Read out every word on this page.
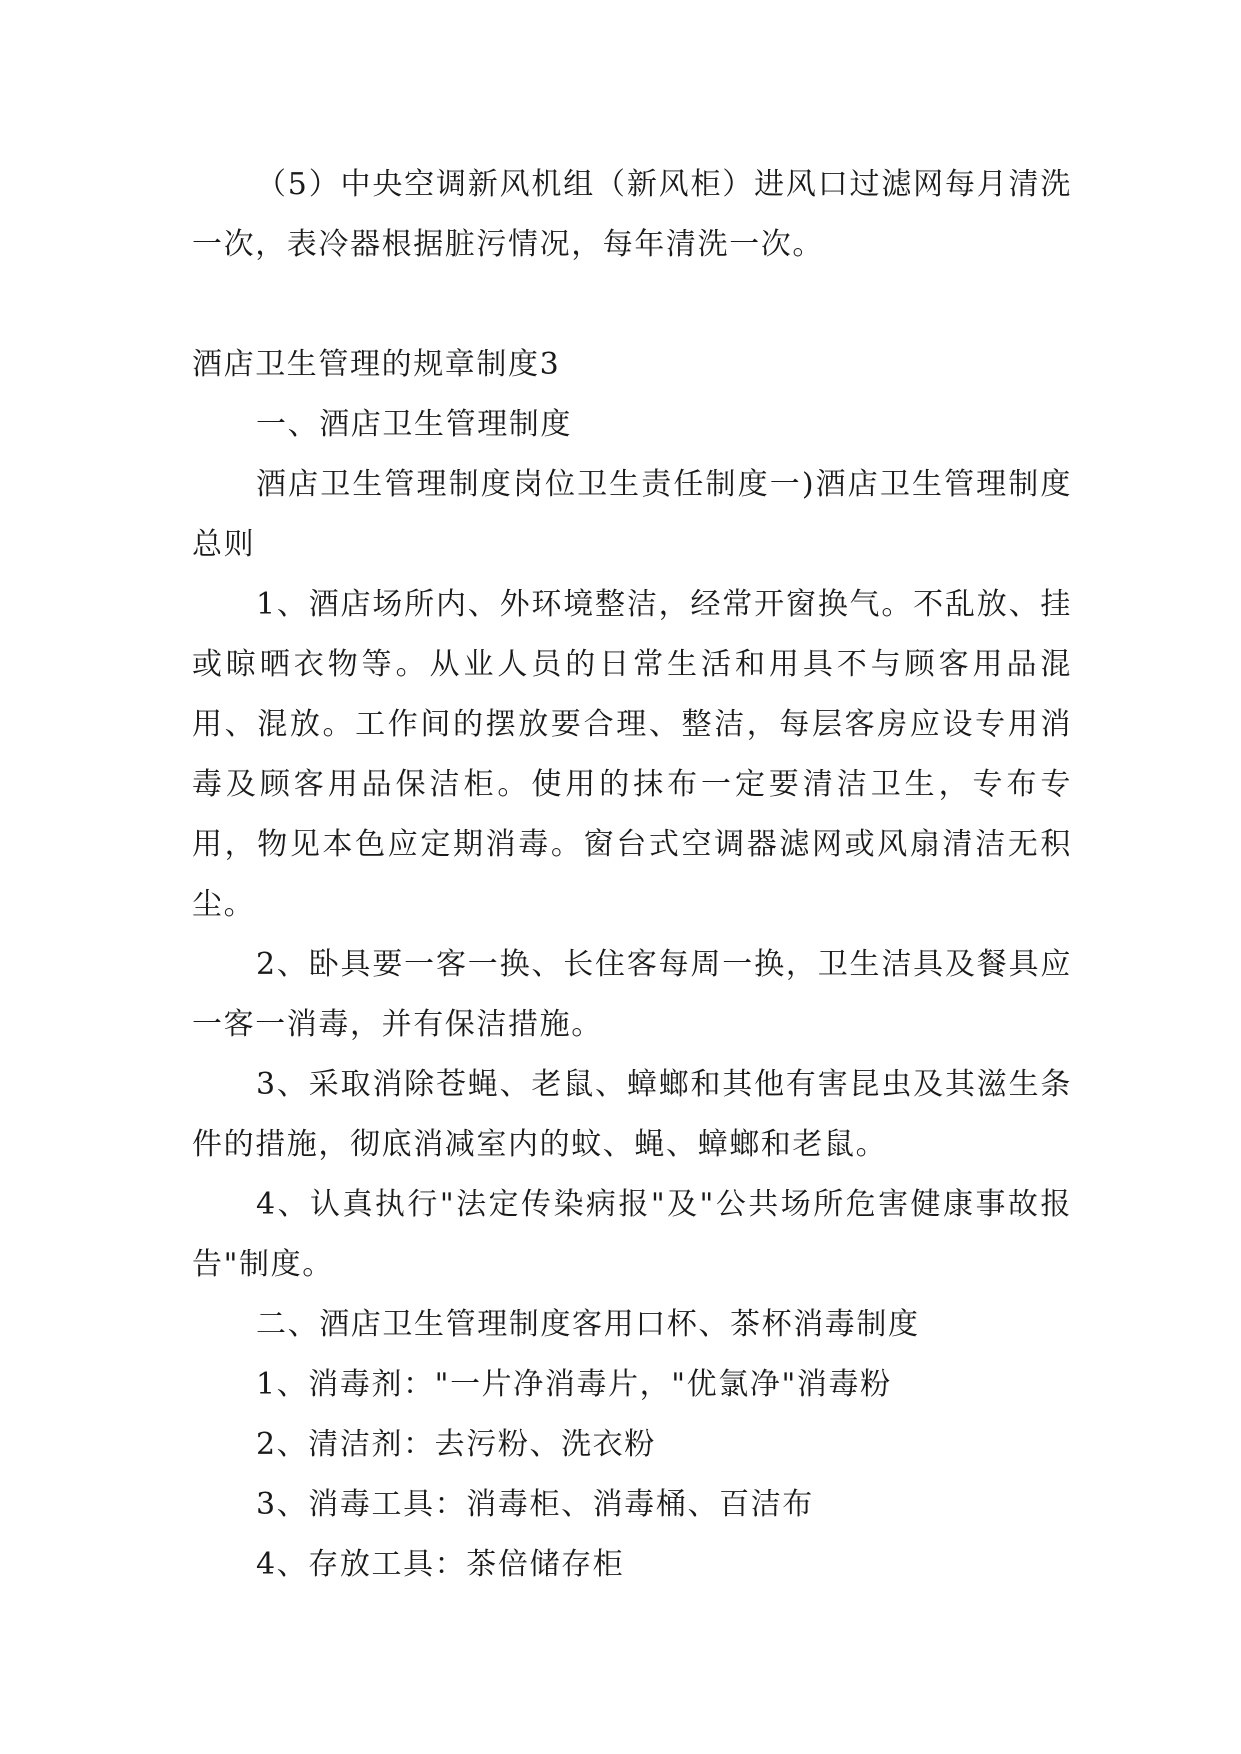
（5）中央空调新风机组（新风柜）进风口过滤网每月清洗一次，表冷器根据脏污情况，每年清洗一次。

酒店卫生管理的规章制度3

一、酒店卫生管理制度

酒店卫生管理制度岗位卫生责任制度一)酒店卫生管理制度总则

1、酒店场所内、外环境整洁，经常开窗换气。不乱放、挂或晾晒衣物等。从业人员的日常生活和用具不与顾客用品混用、混放。工作间的摆放要合理、整洁，每层客房应设专用消毒及顾客用品保洁柜。使用的抹布一定要清洁卫生，专布专用，物见本色应定期消毒。窗台式空调器滤网或风扇清洁无积尘。

2、卧具要一客一换、长住客每周一换，卫生洁具及餐具应一客一消毒，并有保洁措施。

3、采取消除苍蝇、老鼠、蟑螂和其他有害昆虫及其滋生条件的措施，彻底消减室内的蚊、蝇、蟑螂和老鼠。

4、认真执行"法定传染病报"及"公共场所危害健康事故报告"制度。

二、酒店卫生管理制度客用口杯、茶杯消毒制度

1、消毒剂："一片净消毒片，"优氯净"消毒粉

2、清洁剂：去污粉、洗衣粉

3、消毒工具：消毒柜、消毒桶、百洁布

4、存放工具：茶倍储存柜
